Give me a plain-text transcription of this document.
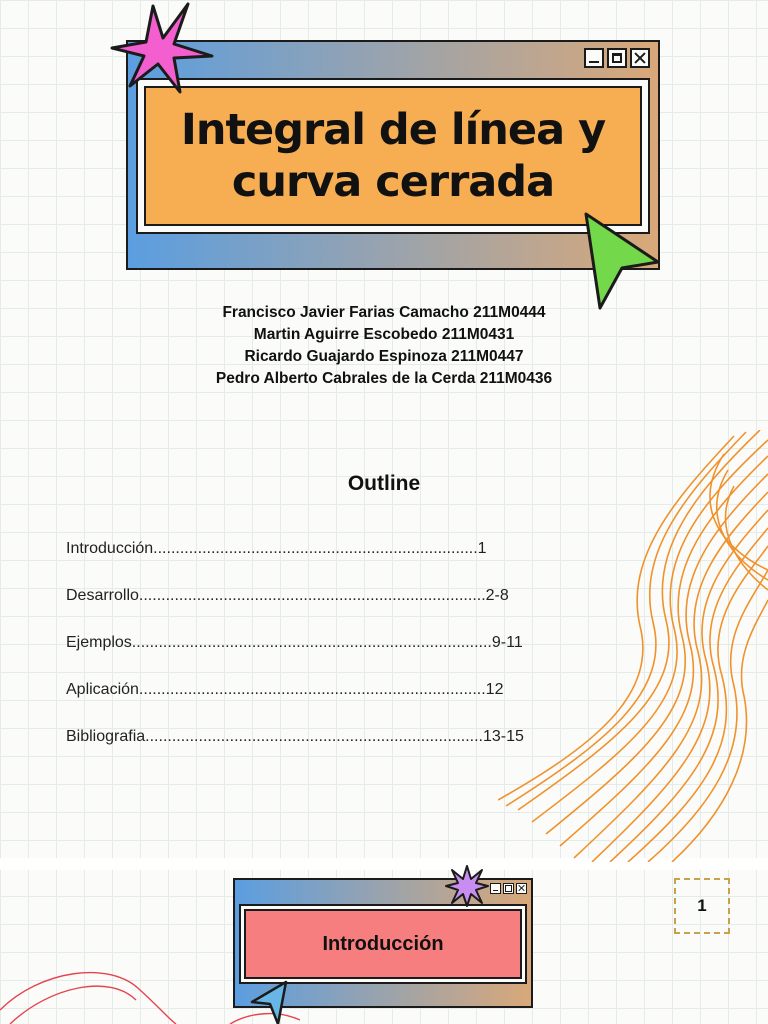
Integral de línea y
curva cerrada
Francisco Javier Farias Camacho 211M0444
Martin Aguirre Escobedo 211M0431
Ricardo Guajardo Espinoza 211M0447
Pedro Alberto Cabrales de la Cerda 211M0436
Outline
Introducción.........................................................................1
Desarrollo..............................................................................2-8
Ejemplos.................................................................................9-11
Aplicación..............................................................................12
Bibliografia............................................................................13-15
Introducción
1
